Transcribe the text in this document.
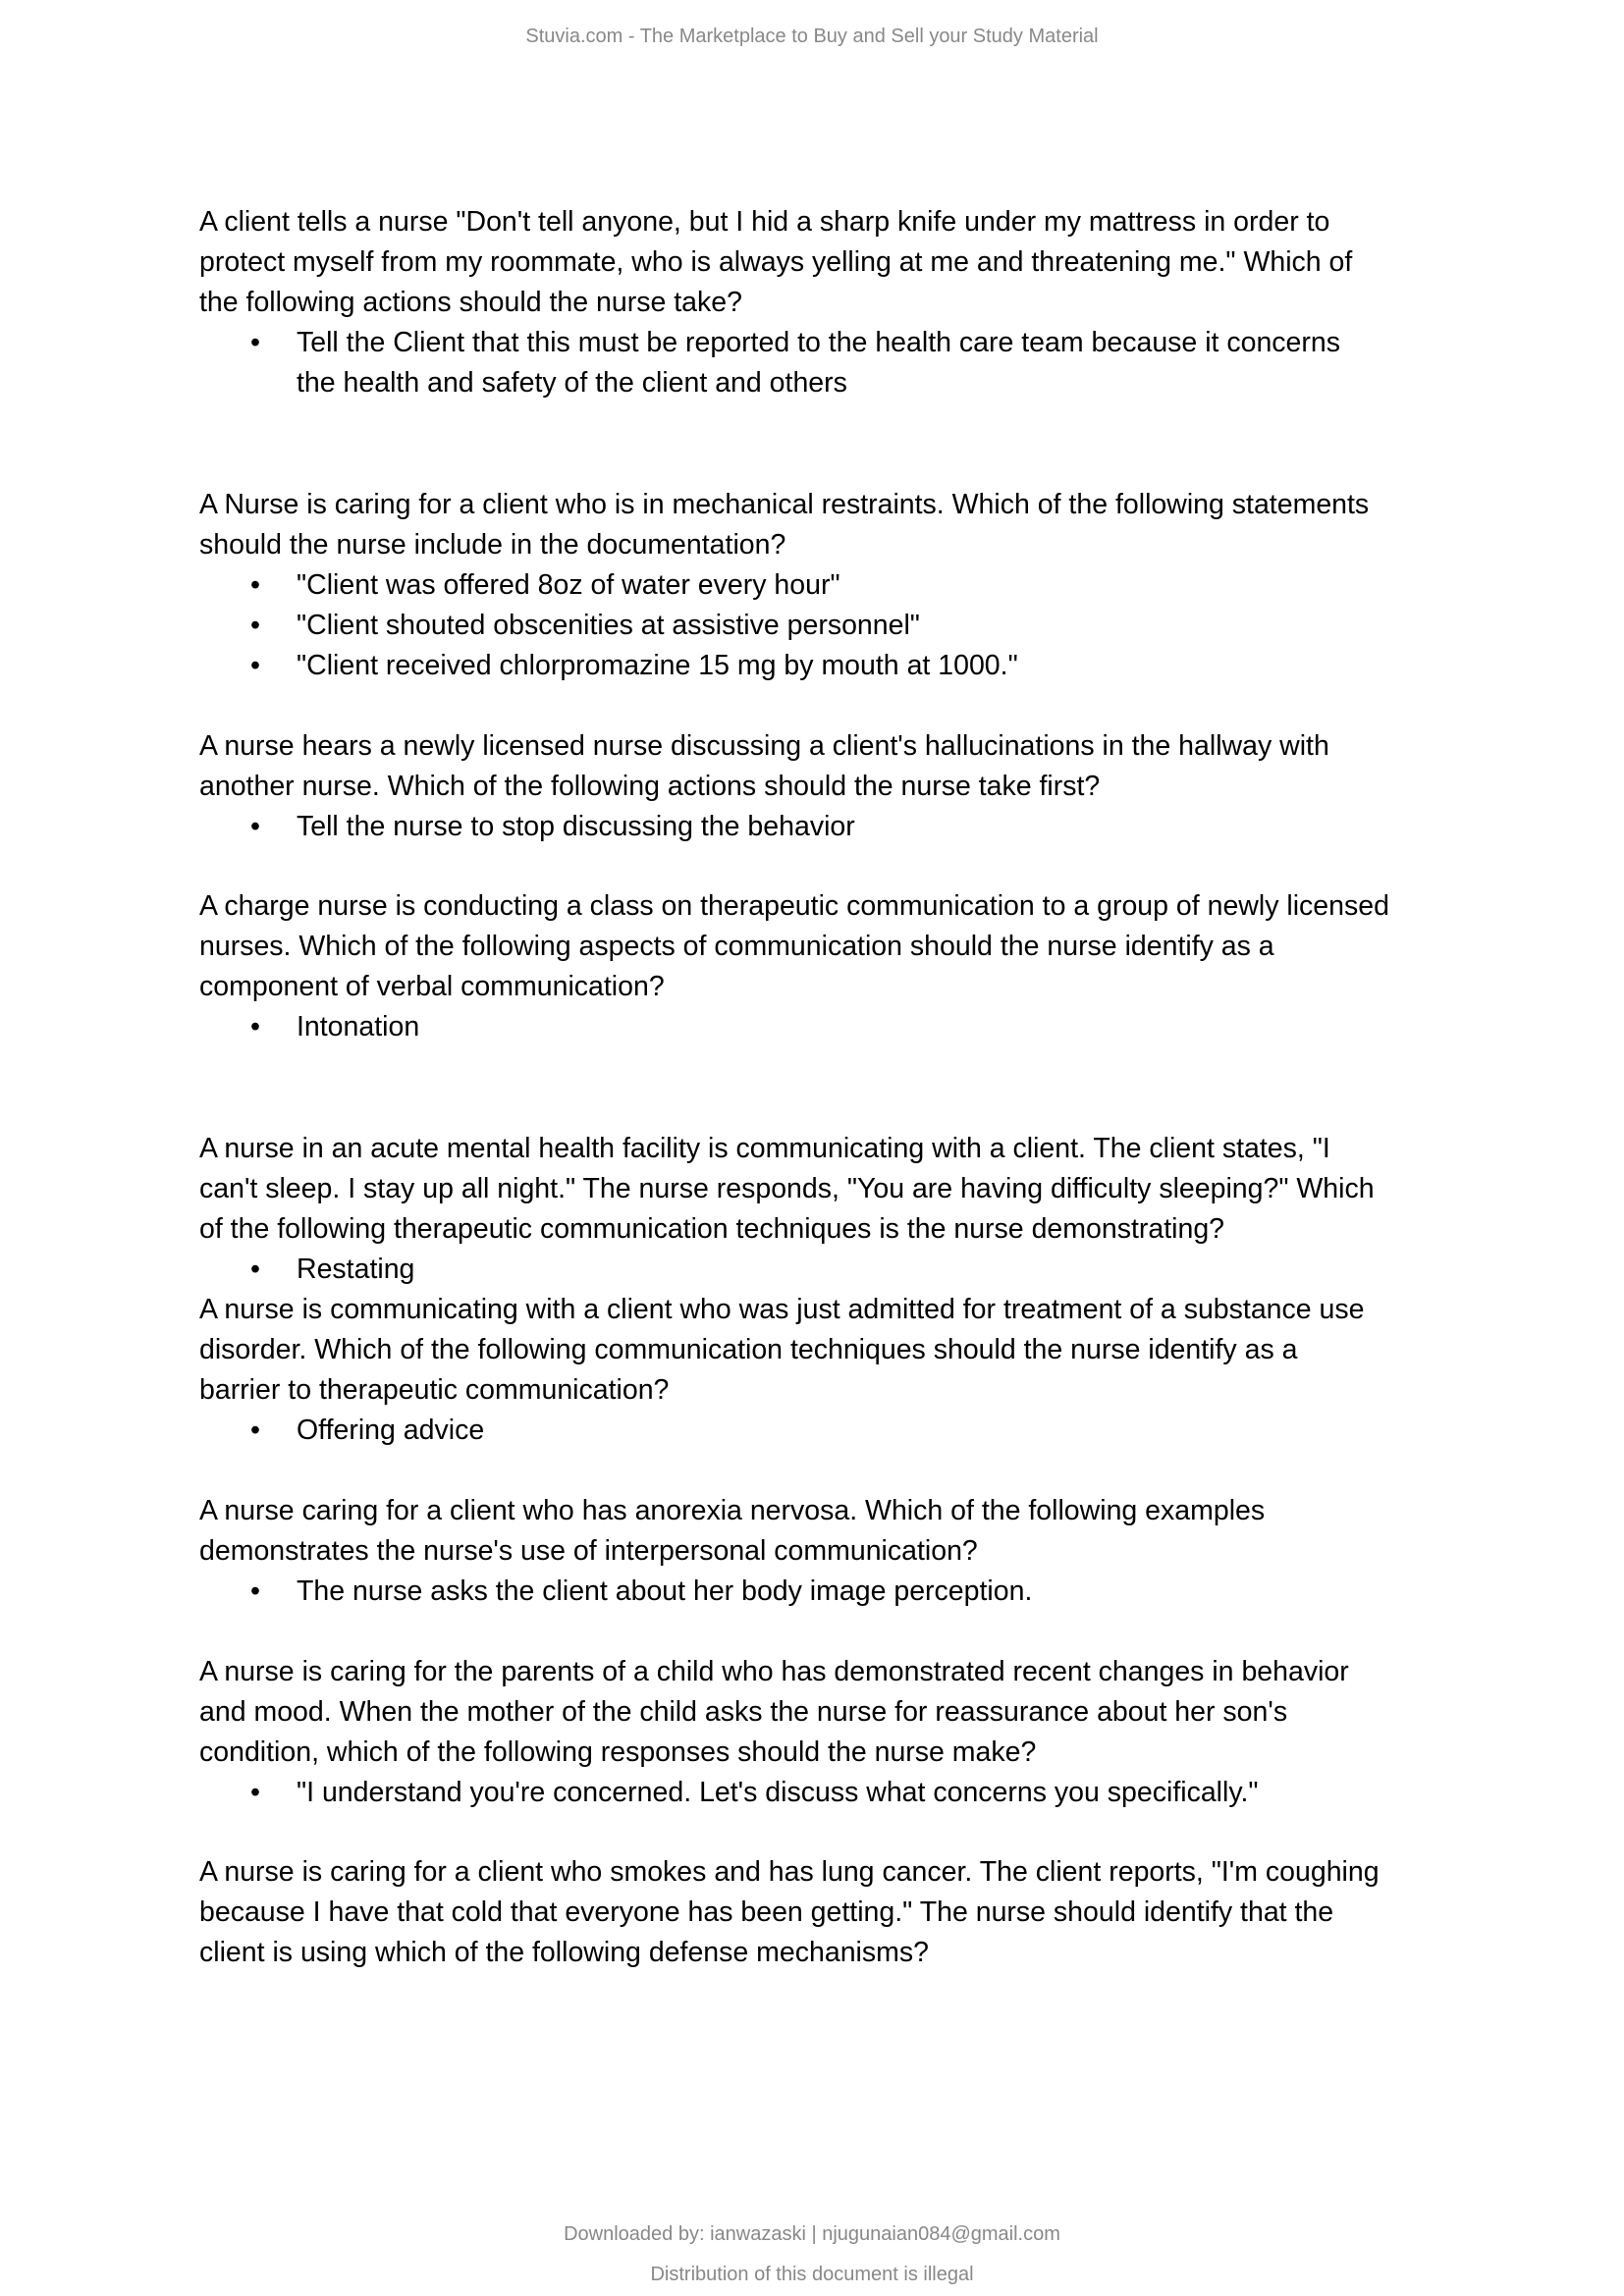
Stuvia.com - The Marketplace to Buy and Sell your Study Material
A client tells a nurse "Don't tell anyone, but I hid a sharp knife under my mattress in order to
protect myself from my roommate, who is always yelling at me and threatening me." Which of
the following actions should the nurse take?
• Tell the Client that this must be reported to the health care team because it concerns
the health and safety of the client and others
A Nurse is caring for a client who is in mechanical restraints. Which of the following statements
should the nurse include in the documentation?
• "Client was offered 8oz of water every hour"
• "Client shouted obscenities at assistive personnel"
• "Client received chlorpromazine 15 mg by mouth at 1000."
A nurse hears a newly licensed nurse discussing a client's hallucinations in the hallway with
another nurse. Which of the following actions should the nurse take first?
• Tell the nurse to stop discussing the behavior
A charge nurse is conducting a class on therapeutic communication to a group of newly licensed
nurses. Which of the following aspects of communication should the nurse identify as a
component of verbal communication?
• Intonation
A nurse in an acute mental health facility is communicating with a client. The client states, "I
can't sleep. I stay up all night." The nurse responds, "You are having difficulty sleeping?" Which
of the following therapeutic communication techniques is the nurse demonstrating?
• Restating
A nurse is communicating with a client who was just admitted for treatment of a substance use
disorder. Which of the following communication techniques should the nurse identify as a
barrier to therapeutic communication?
• Offering advice
A nurse caring for a client who has anorexia nervosa. Which of the following examples
demonstrates the nurse's use of interpersonal communication?
• The nurse asks the client about her body image perception.
A nurse is caring for the parents of a child who has demonstrated recent changes in behavior
and mood. When the mother of the child asks the nurse for reassurance about her son's
condition, which of the following responses should the nurse make?
• "I understand you're concerned. Let's discuss what concerns you specifically."
A nurse is caring for a client who smokes and has lung cancer. The client reports, "I'm coughing
because I have that cold that everyone has been getting." The nurse should identify that the
client is using which of the following defense mechanisms?
Downloaded by: ianwazaski | njugunaian084@gmail.com
Distribution of this document is illegal
